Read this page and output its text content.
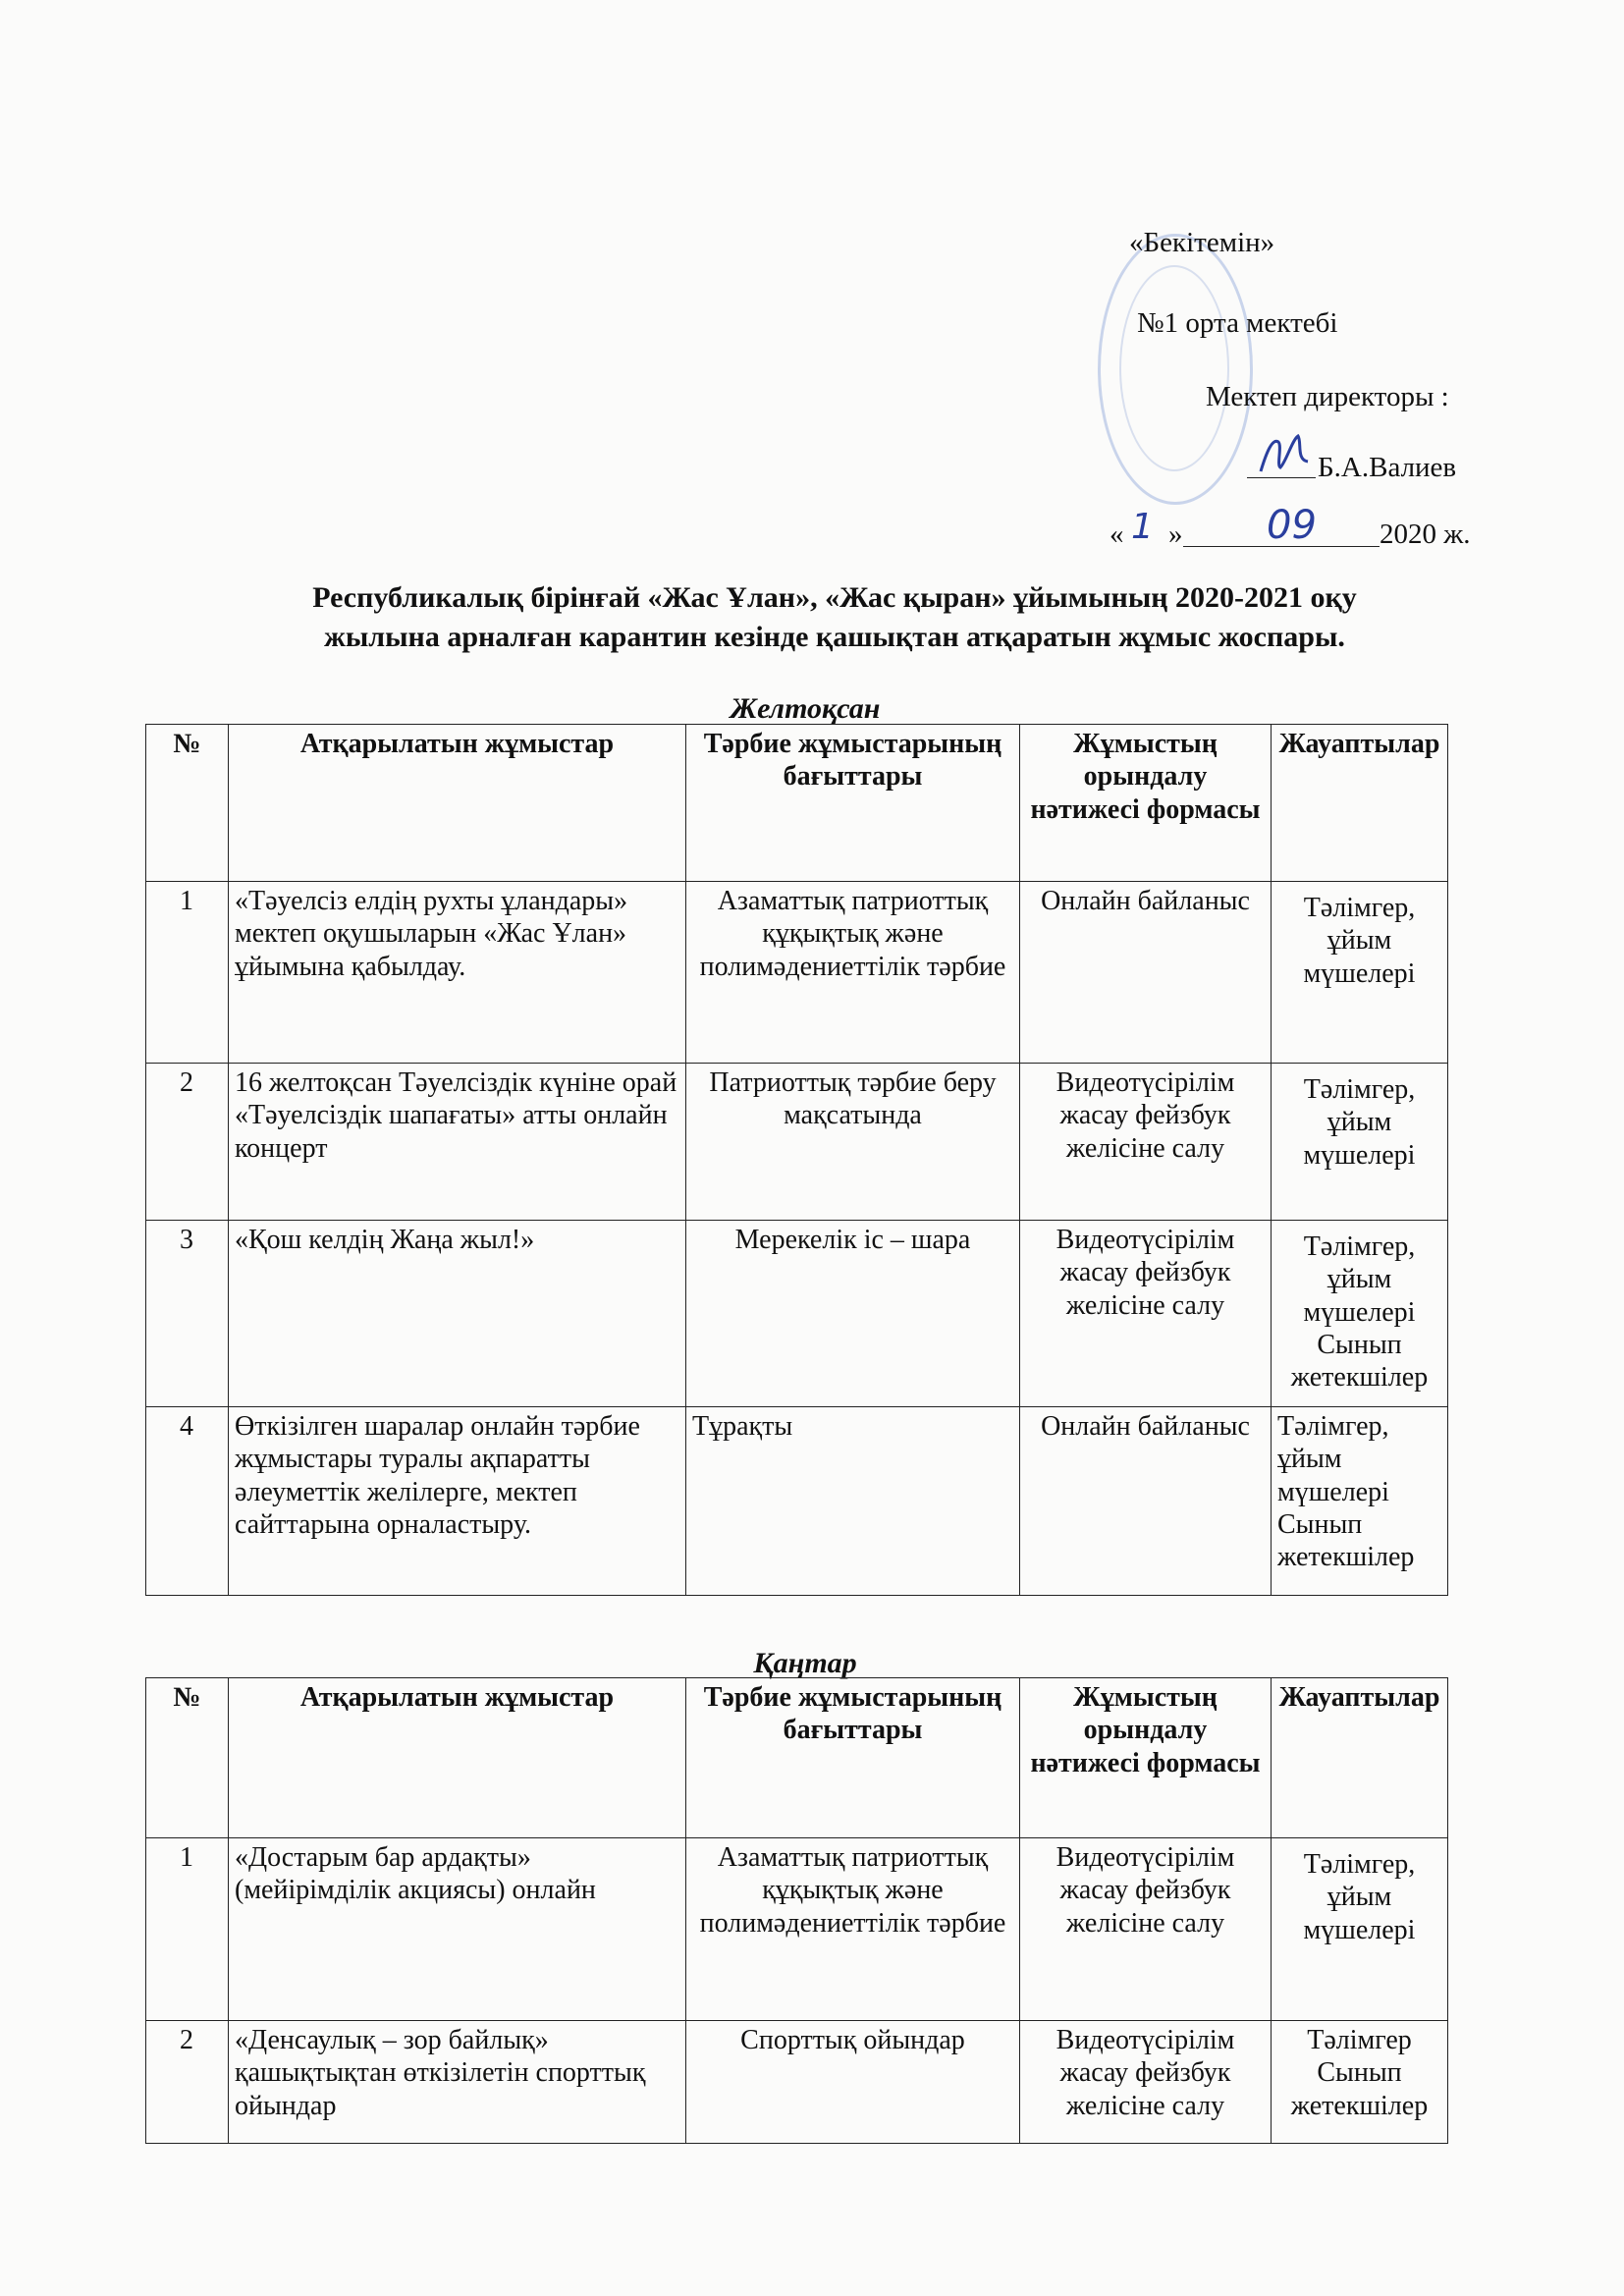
«Бекітемін»
№1 орта мектебі
Мектеп директоры :
Б.А.Валиев
« 1 » 09 2020 ж.
Республикалық бірінғай «Жас Ұлан», «Жас қыран» ұйымының 2020-2021 оқу
жылына арналған карантин кезінде қашықтан атқаратын жұмыс жоспары.
Желтоқсан
№	Атқарылатын жұмыстар	Тәрбие жұмыстарының бағыттары	Жұмыстың орындалу нәтижесі формасы	Жауаптылар
1	«Тәуелсіз елдің рухты ұландары» мектеп оқушыларын «Жас Ұлан» ұйымына қабылдау.	Азаматтық патриоттық құқықтық және полимәдениеттілік тәрбие	Онлайн байланыс	Тәлімгер, ұйым мүшелері
2	16 желтоқсан Тәуелсіздік күніне орай «Тәуелсіздік шапағаты» атты онлайн концерт	Патриоттық тәрбие беру мақсатында	Видеотүсірілім жасау фейзбук желісіне салу	Тәлімгер, ұйым мүшелері
3	«Қош келдің Жаңа жыл!»	Мерекелік іс – шара	Видеотүсірілім жасау фейзбук желісіне салу	Тәлімгер, ұйым мүшелері Сынып жетекшілер
4	Өткізілген шаралар онлайн тәрбие жұмыстары туралы ақпаратты әлеуметтік желілерге, мектеп сайттарына орналастыру.	Тұрақты	Онлайн байланыс	Тәлімгер, ұйым мүшелері Сынып жетекшілер
Қаңтар
№	Атқарылатын жұмыстар	Тәрбие жұмыстарының бағыттары	Жұмыстың орындалу нәтижесі формасы	Жауаптылар
1	«Достарым бар ардақты» (мейірімділік акциясы) онлайн	Азаматтық патриоттық құқықтық және полимәдениеттілік тәрбие	Видеотүсірілім жасау фейзбук желісіне салу	Тәлімгер, ұйым мүшелері
2	«Денсаулық – зор байлық» қашықтықтан өткізілетін спорттық ойындар	Спорттық ойындар	Видеотүсірілім жасау фейзбук желісіне салу	Тәлімгер Сынып жетекшілер
